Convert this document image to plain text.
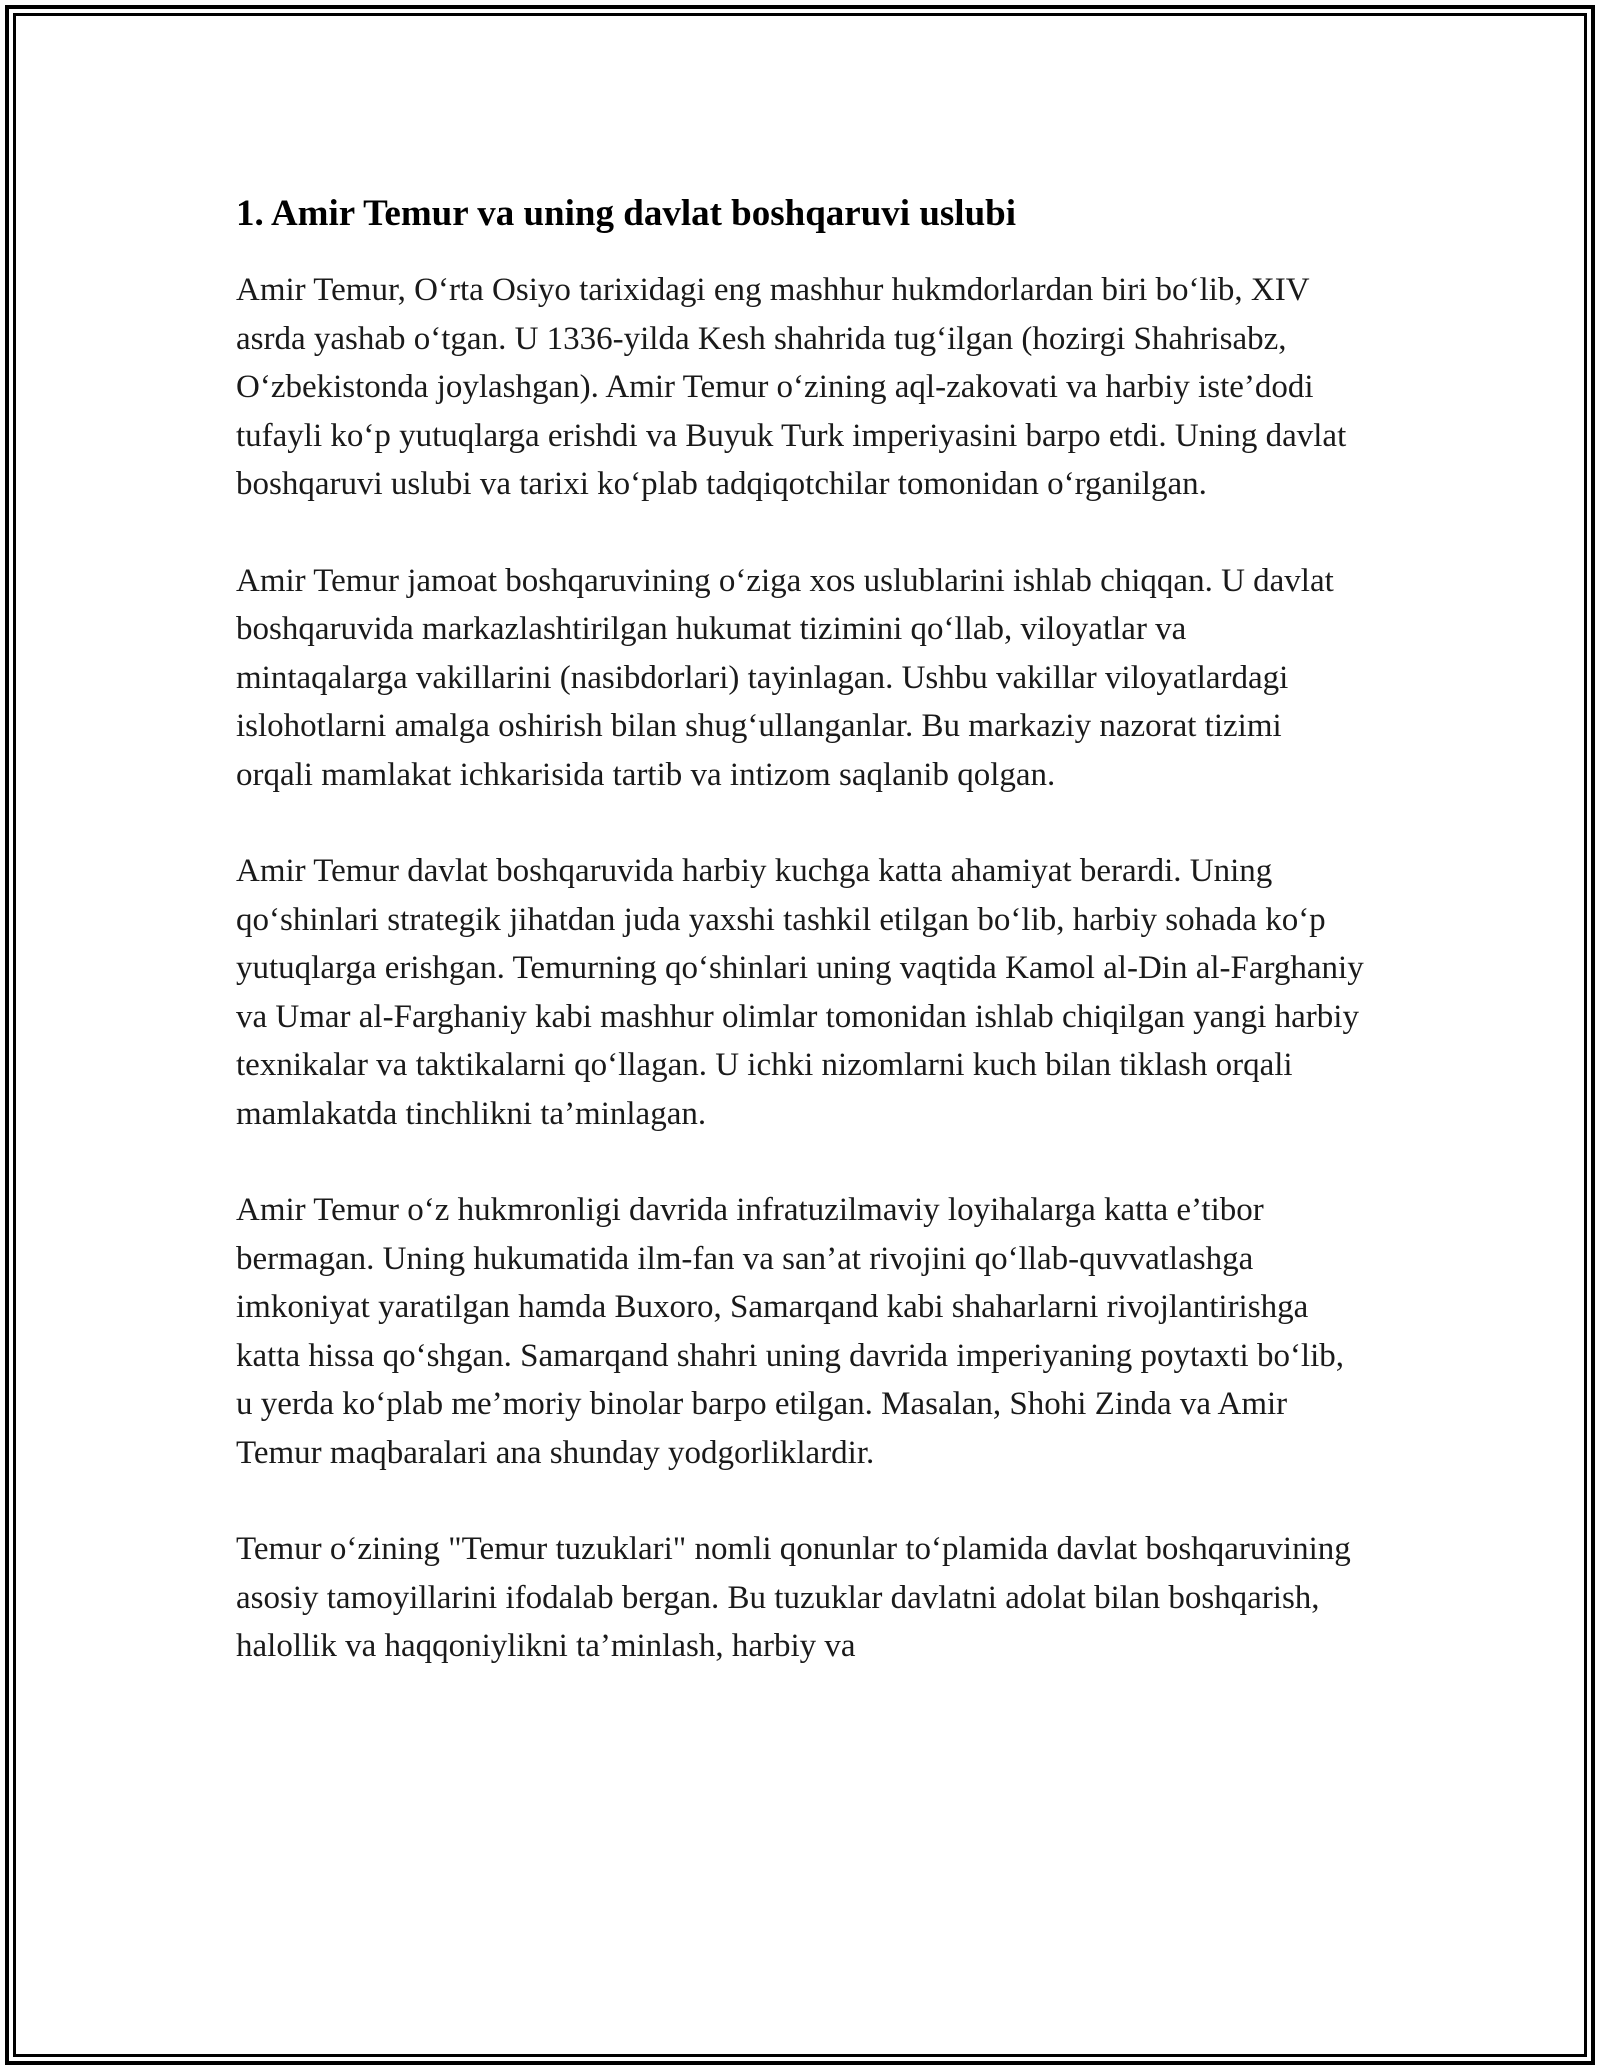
1. Amir Temur va uning davlat boshqaruvi uslubi

Amir Temur, O‘rta Osiyo tarixidagi eng mashhur hukmdorlardan biri bo‘lib, XIV asrda yashab o‘tgan. U 1336-yilda Kesh shahrida tug‘ilgan (hozirgi Shahrisabz, O‘zbekistonda joylashgan). Amir Temur o‘zining aql-zakovati va harbiy iste’dodi tufayli ko‘p yutuqlarga erishdi va Buyuk Turk imperiyasini barpo etdi. Uning davlat boshqaruvi uslubi va tarixi ko‘plab tadqiqotchilar tomonidan o‘rganilgan.

Amir Temur jamoat boshqaruvining o‘ziga xos uslublarini ishlab chiqqan. U davlat boshqaruvida markazlashtirilgan hukumat tizimini qo‘llab, viloyatlar va mintaqalarga vakillarini (nasibdorlari) tayinlagan. Ushbu vakillar viloyatlardagi islohotlarni amalga oshirish bilan shug‘ullanganlar. Bu markaziy nazorat tizimi orqali mamlakat ichkarisida tartib va intizom saqlanib qolgan.

Amir Temur davlat boshqaruvida harbiy kuchga katta ahamiyat berardi. Uning qo‘shinlari strategik jihatdan juda yaxshi tashkil etilgan bo‘lib, harbiy sohada ko‘p yutuqlarga erishgan. Temurning qo‘shinlari uning vaqtida Kamol al-Din al-Farghaniy va Umar al-Farghaniy kabi mashhur olimlar tomonidan ishlab chiqilgan yangi harbiy texnikalar va taktikalarni qo‘llagan. U ichki nizomlarni kuch bilan tiklash orqali mamlakatda tinchlikni ta’minlagan.

Amir Temur o‘z hukmronligi davrida infratuzilmaviy loyihalarga katta e’tibor bermagan. Uning hukumatida ilm-fan va san’at rivojini qo‘llab-quvvatlashga imkoniyat yaratilgan hamda Buxoro, Samarqand kabi shaharlarni rivojlantirishga katta hissa qo‘shgan. Samarqand shahri uning davrida imperiyaning poytaxti bo‘lib, u yerda ko‘plab me’moriy binolar barpo etilgan. Masalan, Shohi Zinda va Amir Temur maqbaralari ana shunday yodgorliklardir.

Temur o‘zining "Temur tuzuklari" nomli qonunlar to‘plamida davlat boshqaruvining asosiy tamoyillarini ifodalab bergan. Bu tuzuklar davlatni adolat bilan boshqarish, halollik va haqqoniylikni ta’minlash, harbiy va
